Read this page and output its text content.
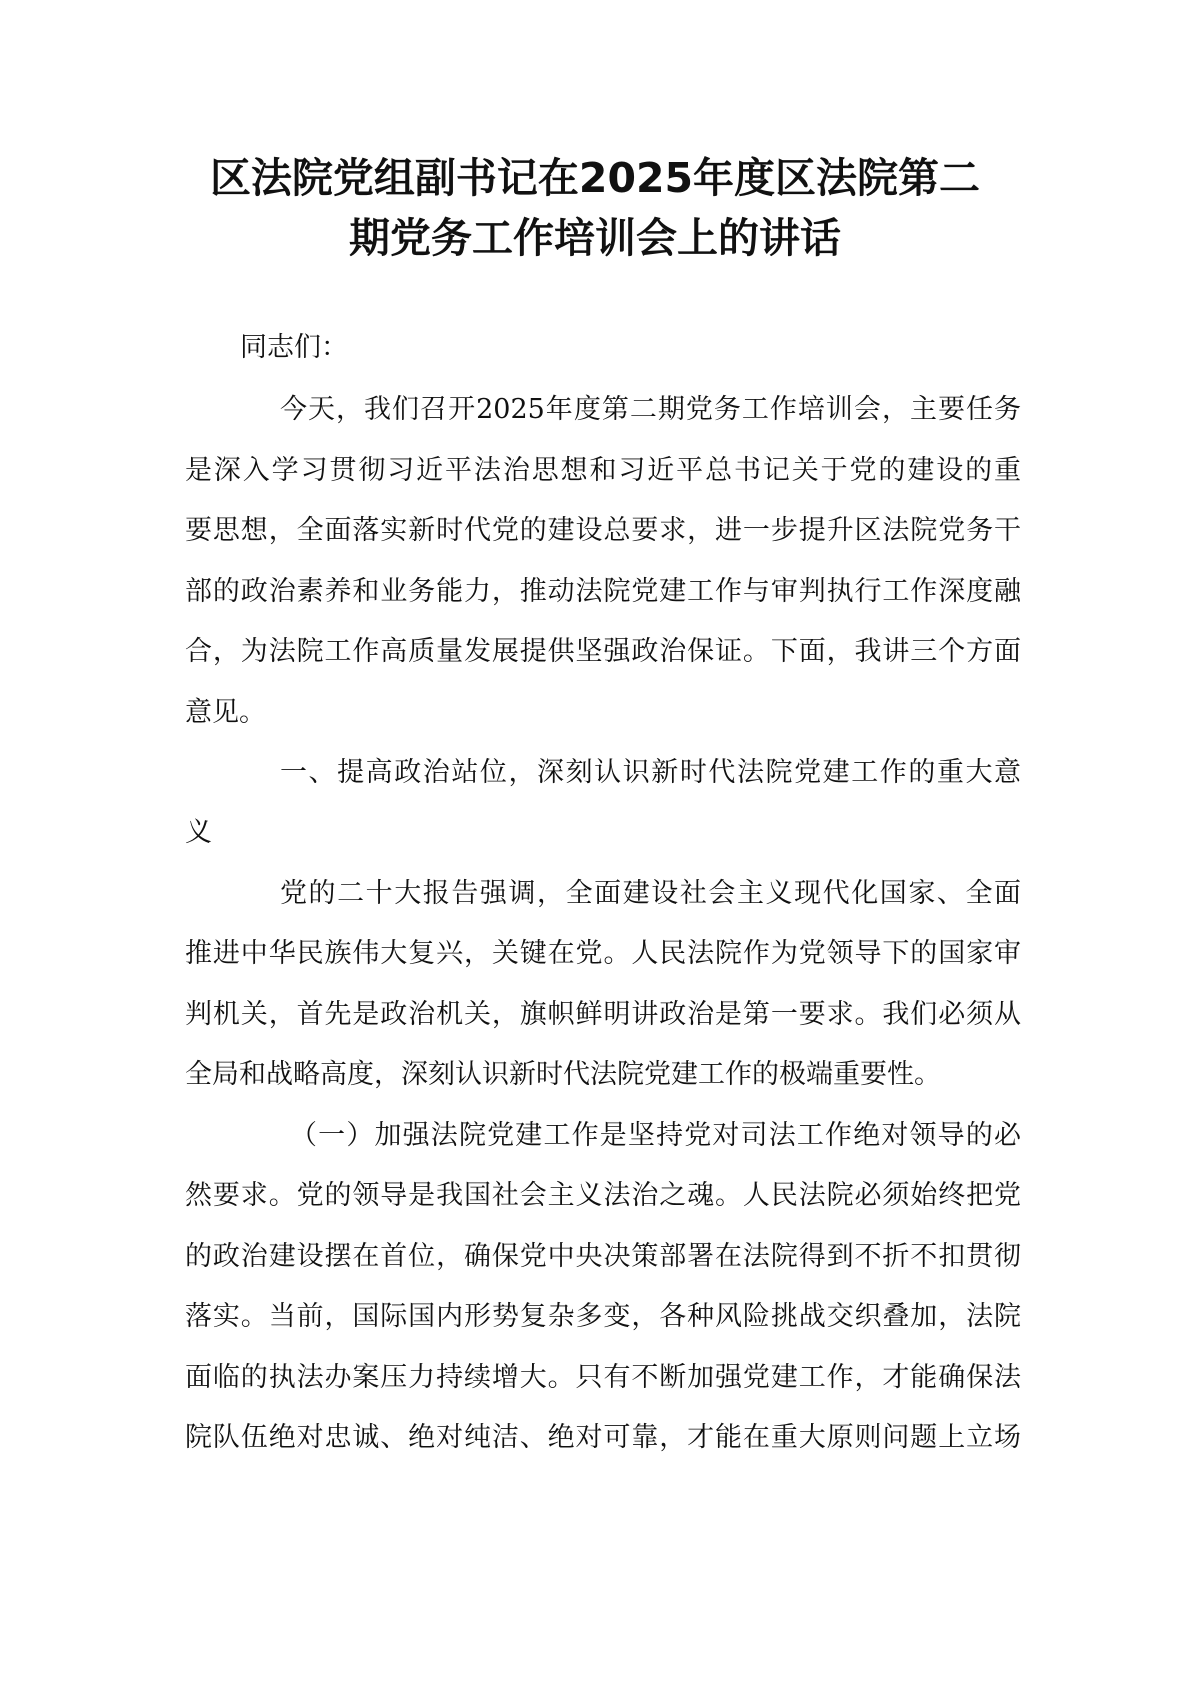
区法院党组副书记在2025年度区法院第二
期党务工作培训会上的讲话
同志们：
今天，我们召开2025年度第二期党务工作培训会，主要任务
是深入学习贯彻习近平法治思想和习近平总书记关于党的建设的重
要思想，全面落实新时代党的建设总要求，进一步提升区法院党务干
部的政治素养和业务能力，推动法院党建工作与审判执行工作深度融
合，为法院工作高质量发展提供坚强政治保证。下面，我讲三个方面
意见。
一、提高政治站位，深刻认识新时代法院党建工作的重大意
义
党的二十大报告强调，全面建设社会主义现代化国家、全面
推进中华民族伟大复兴，关键在党。人民法院作为党领导下的国家审
判机关，首先是政治机关，旗帜鲜明讲政治是第一要求。我们必须从
全局和战略高度，深刻认识新时代法院党建工作的极端重要性。
（一）加强法院党建工作是坚持党对司法工作绝对领导的必
然要求。党的领导是我国社会主义法治之魂。人民法院必须始终把党
的政治建设摆在首位，确保党中央决策部署在法院得到不折不扣贯彻
落实。当前，国际国内形势复杂多变，各种风险挑战交织叠加，法院
面临的执法办案压力持续增大。只有不断加强党建工作，才能确保法
院队伍绝对忠诚、绝对纯洁、绝对可靠，才能在重大原则问题上立场
